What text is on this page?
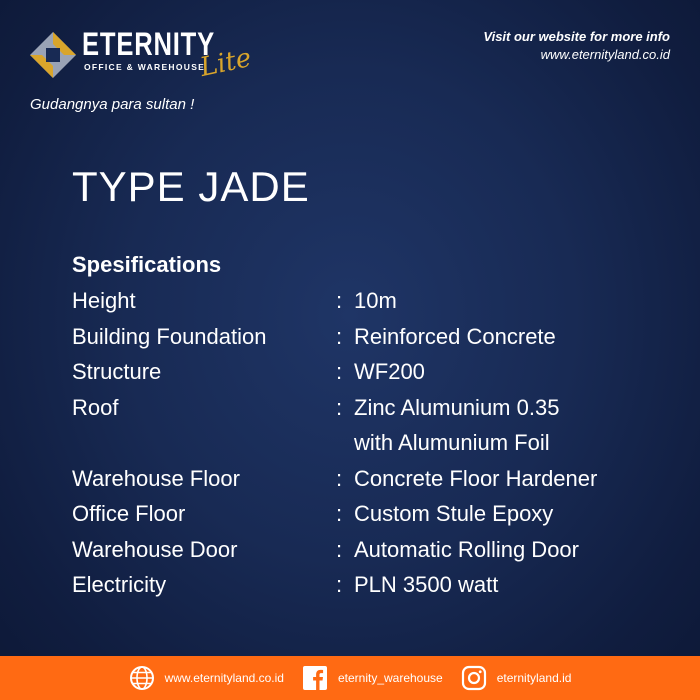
ETERNITY
OFFICE & WAREHOUSE
Lite
Gudangnya para sultan !
Visit our website for more info
www.eternityland.co.id
TYPE JADE
Spesifications
Height	: 10m
Building Foundation	: Reinforced Concrete
Structure	: WF200
Roof	: Zinc Alumunium 0.35
with Alumunium Foil
Warehouse Floor	: Concrete Floor Hardener
Office Floor	: Custom Stule Epoxy
Warehouse Door	: Automatic Rolling Door
Electricity	: PLN 3500 watt
www.eternityland.co.id	eternity_warehouse	eternityland.id
